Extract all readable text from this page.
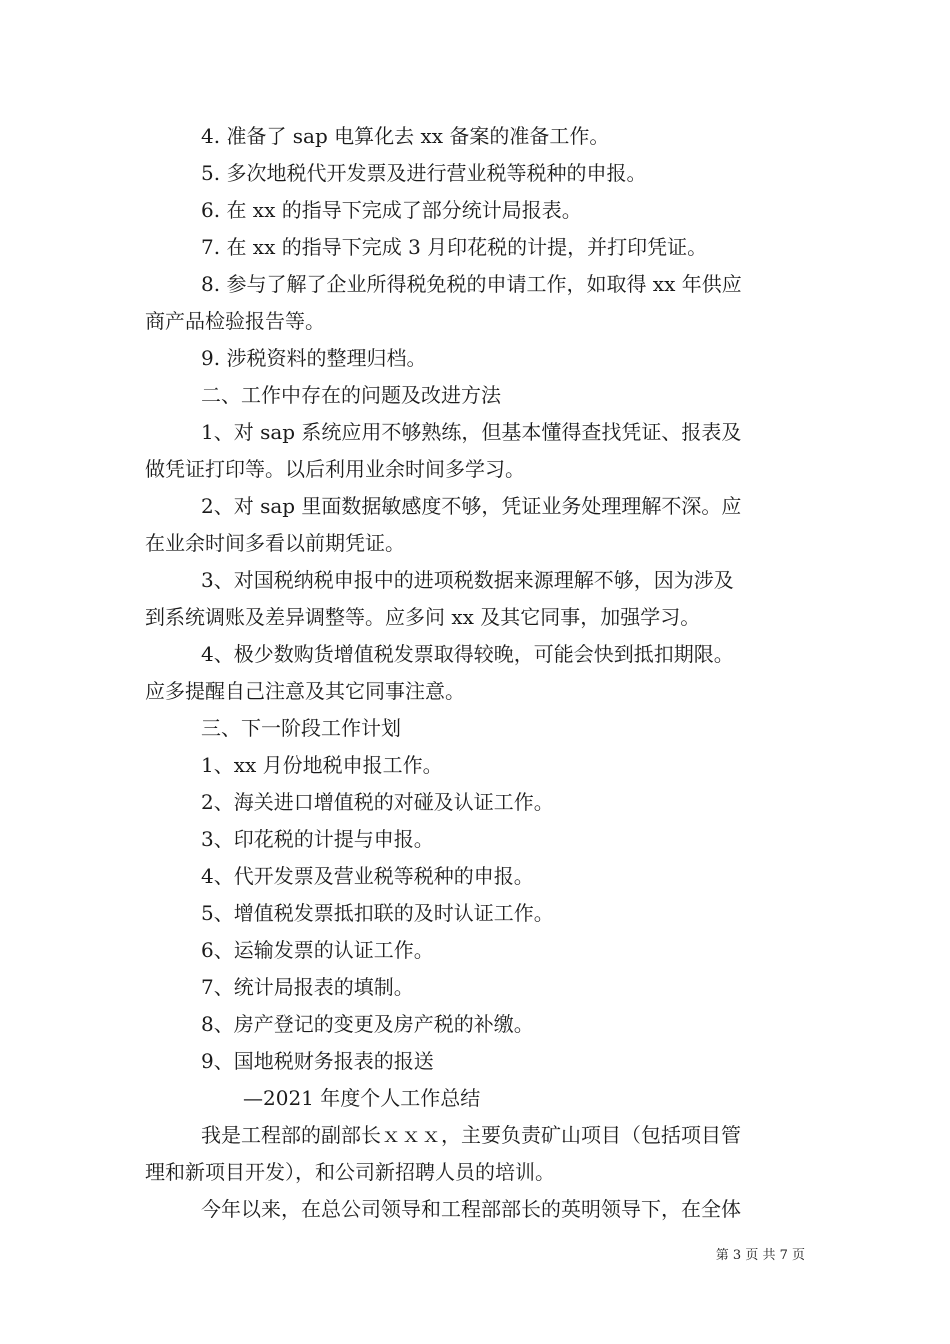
4. 准备了 sap 电算化去 xx 备案的准备工作。
5. 多次地税代开发票及进行营业税等税种的申报。
6. 在 xx 的指导下完成了部分统计局报表。
7. 在 xx 的指导下完成 3 月印花税的计提，并打印凭证。
8. 参与了解了企业所得税免税的申请工作，如取得 xx 年供应
商产品检验报告等。
9. 涉税资料的整理归档。
二、工作中存在的问题及改进方法
1、对 sap 系统应用不够熟练，但基本懂得查找凭证、报表及
做凭证打印等。以后利用业余时间多学习。
2、对 sap 里面数据敏感度不够，凭证业务处理理解不深。应
在业余时间多看以前期凭证。
3、对国税纳税申报中的进项税数据来源理解不够，因为涉及
到系统调账及差异调整等。应多问 xx 及其它同事，加强学习。
4、极少数购货增值税发票取得较晚，可能会快到抵扣期限。
应多提醒自己注意及其它同事注意。
三、下一阶段工作计划
1、xx 月份地税申报工作。
2、海关进口增值税的对碰及认证工作。
3、印花税的计提与申报。
4、代开发票及营业税等税种的申报。
5、增值税发票抵扣联的及时认证工作。
6、运输发票的认证工作。
7、统计局报表的填制。
8、房产登记的变更及房产税的补缴。
9、国地税财务报表的报送
—2021 年度个人工作总结
我是工程部的副部长ｘｘｘ，主要负责矿山项目（包括项目管
理和新项目开发），和公司新招聘人员的培训。
今年以来，在总公司领导和工程部部长的英明领导下，在全体
第 3 页 共 7 页
